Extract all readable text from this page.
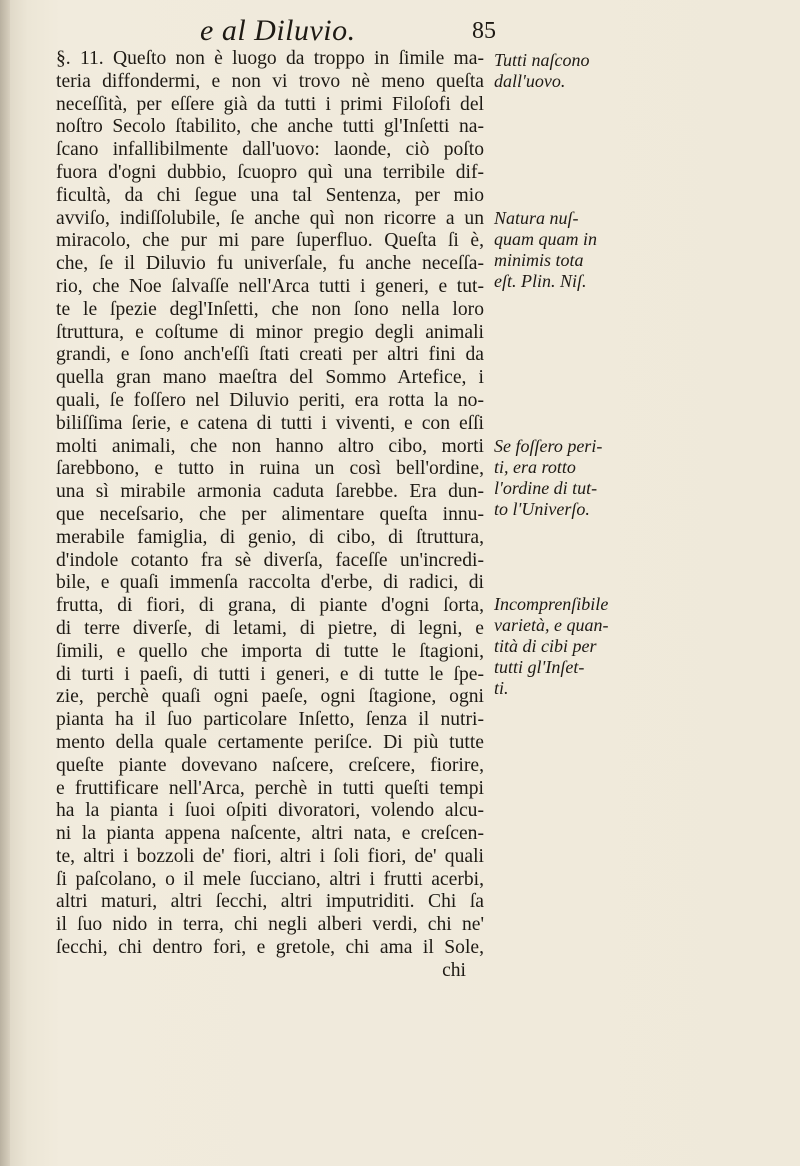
e al Diluvio.	85
§. 11. Queſto non è luogo da troppo in ſimile ma-
teria diffondermi, e non vi trovo nè meno queſta
neceſſità, per eſſere già da tutti i primi Filoſofi del
noſtro Secolo ſtabilito, che anche tutti gl'Inſetti na-
ſcano infallibilmente dall'uovo: laonde, ciò poſto
fuora d'ogni dubbio, ſcuopro quì una terribile dif-
ficultà, da chi ſegue una tal Sentenza, per mio
avviſo, indiſſolubile, ſe anche quì non ricorre a un
miracolo, che pur mi pare ſuperfluo. Queſta ſi è,
che, ſe il Diluvio fu univerſale, fu anche neceſſa-
rio, che Noe ſalvaſſe nell'Arca tutti i generi, e tut-
te le ſpezie degl'Inſetti, che non ſono nella loro
ſtruttura, e coſtume di minor pregio degli animali
grandi, e ſono anch'eſſi ſtati creati per altri fini da
quella gran mano maeſtra del Sommo Artefice, i
quali, ſe foſſero nel Diluvio periti, era rotta la no-
biliſſima ſerie, e catena di tutti i viventi, e con eſſi
molti animali, che non hanno altro cibo, morti
ſarebbono, e tutto in ruina un così bell'ordine,
una sì mirabile armonia caduta ſarebbe. Era dun-
que neceſsario, che per alimentare queſta innu-
merabile famiglia, di genio, di cibo, di ſtruttura,
d'indole cotanto fra sè diverſa, faceſſe un'incredi-
bile, e quaſi immenſa raccolta d'erbe, di radici, di
frutta, di fiori, di grana, di piante d'ogni ſorta,
di terre diverſe, di letami, di pietre, di legni, e
ſimili, e quello che importa di tutte le ſtagioni,
di turti i paeſi, di tutti i generi, e di tutte le ſpe-
zie, perchè quaſi ogni paeſe, ogni ſtagione, ogni
pianta ha il ſuo particolare Inſetto, ſenza il nutri-
mento della quale certamente periſce. Di più tutte
queſte piante dovevano naſcere, creſcere, fiorire,
e fruttificare nell'Arca, perchè in tutti queſti tempi
ha la pianta i ſuoi oſpiti divoratori, volendo alcu-
ni la pianta appena naſcente, altri nata, e creſcen-
te, altri i bozzoli de' fiori, altri i ſoli fiori, de' quali
ſi paſcolano, o il mele ſucciano, altri i frutti acerbi,
altri maturi, altri ſecchi, altri imputriditi. Chi ſa
il ſuo nido in terra, chi negli alberi verdi, chi ne'
ſecchi, chi dentro fori, e gretole, chi ama il Sole,
chi
Tutti naſcono
dall'uovo.
Natura nuſ-
quam quam in
minimis tota
eſt. Plin. Niſ.
Se foſſero peri-
ti, era rotto
l'ordine di tut-
to l'Univerſo.
Incomprenſibile
varietà, e quan-
tità di cibi per
tutti gl'Inſet-
ti.
